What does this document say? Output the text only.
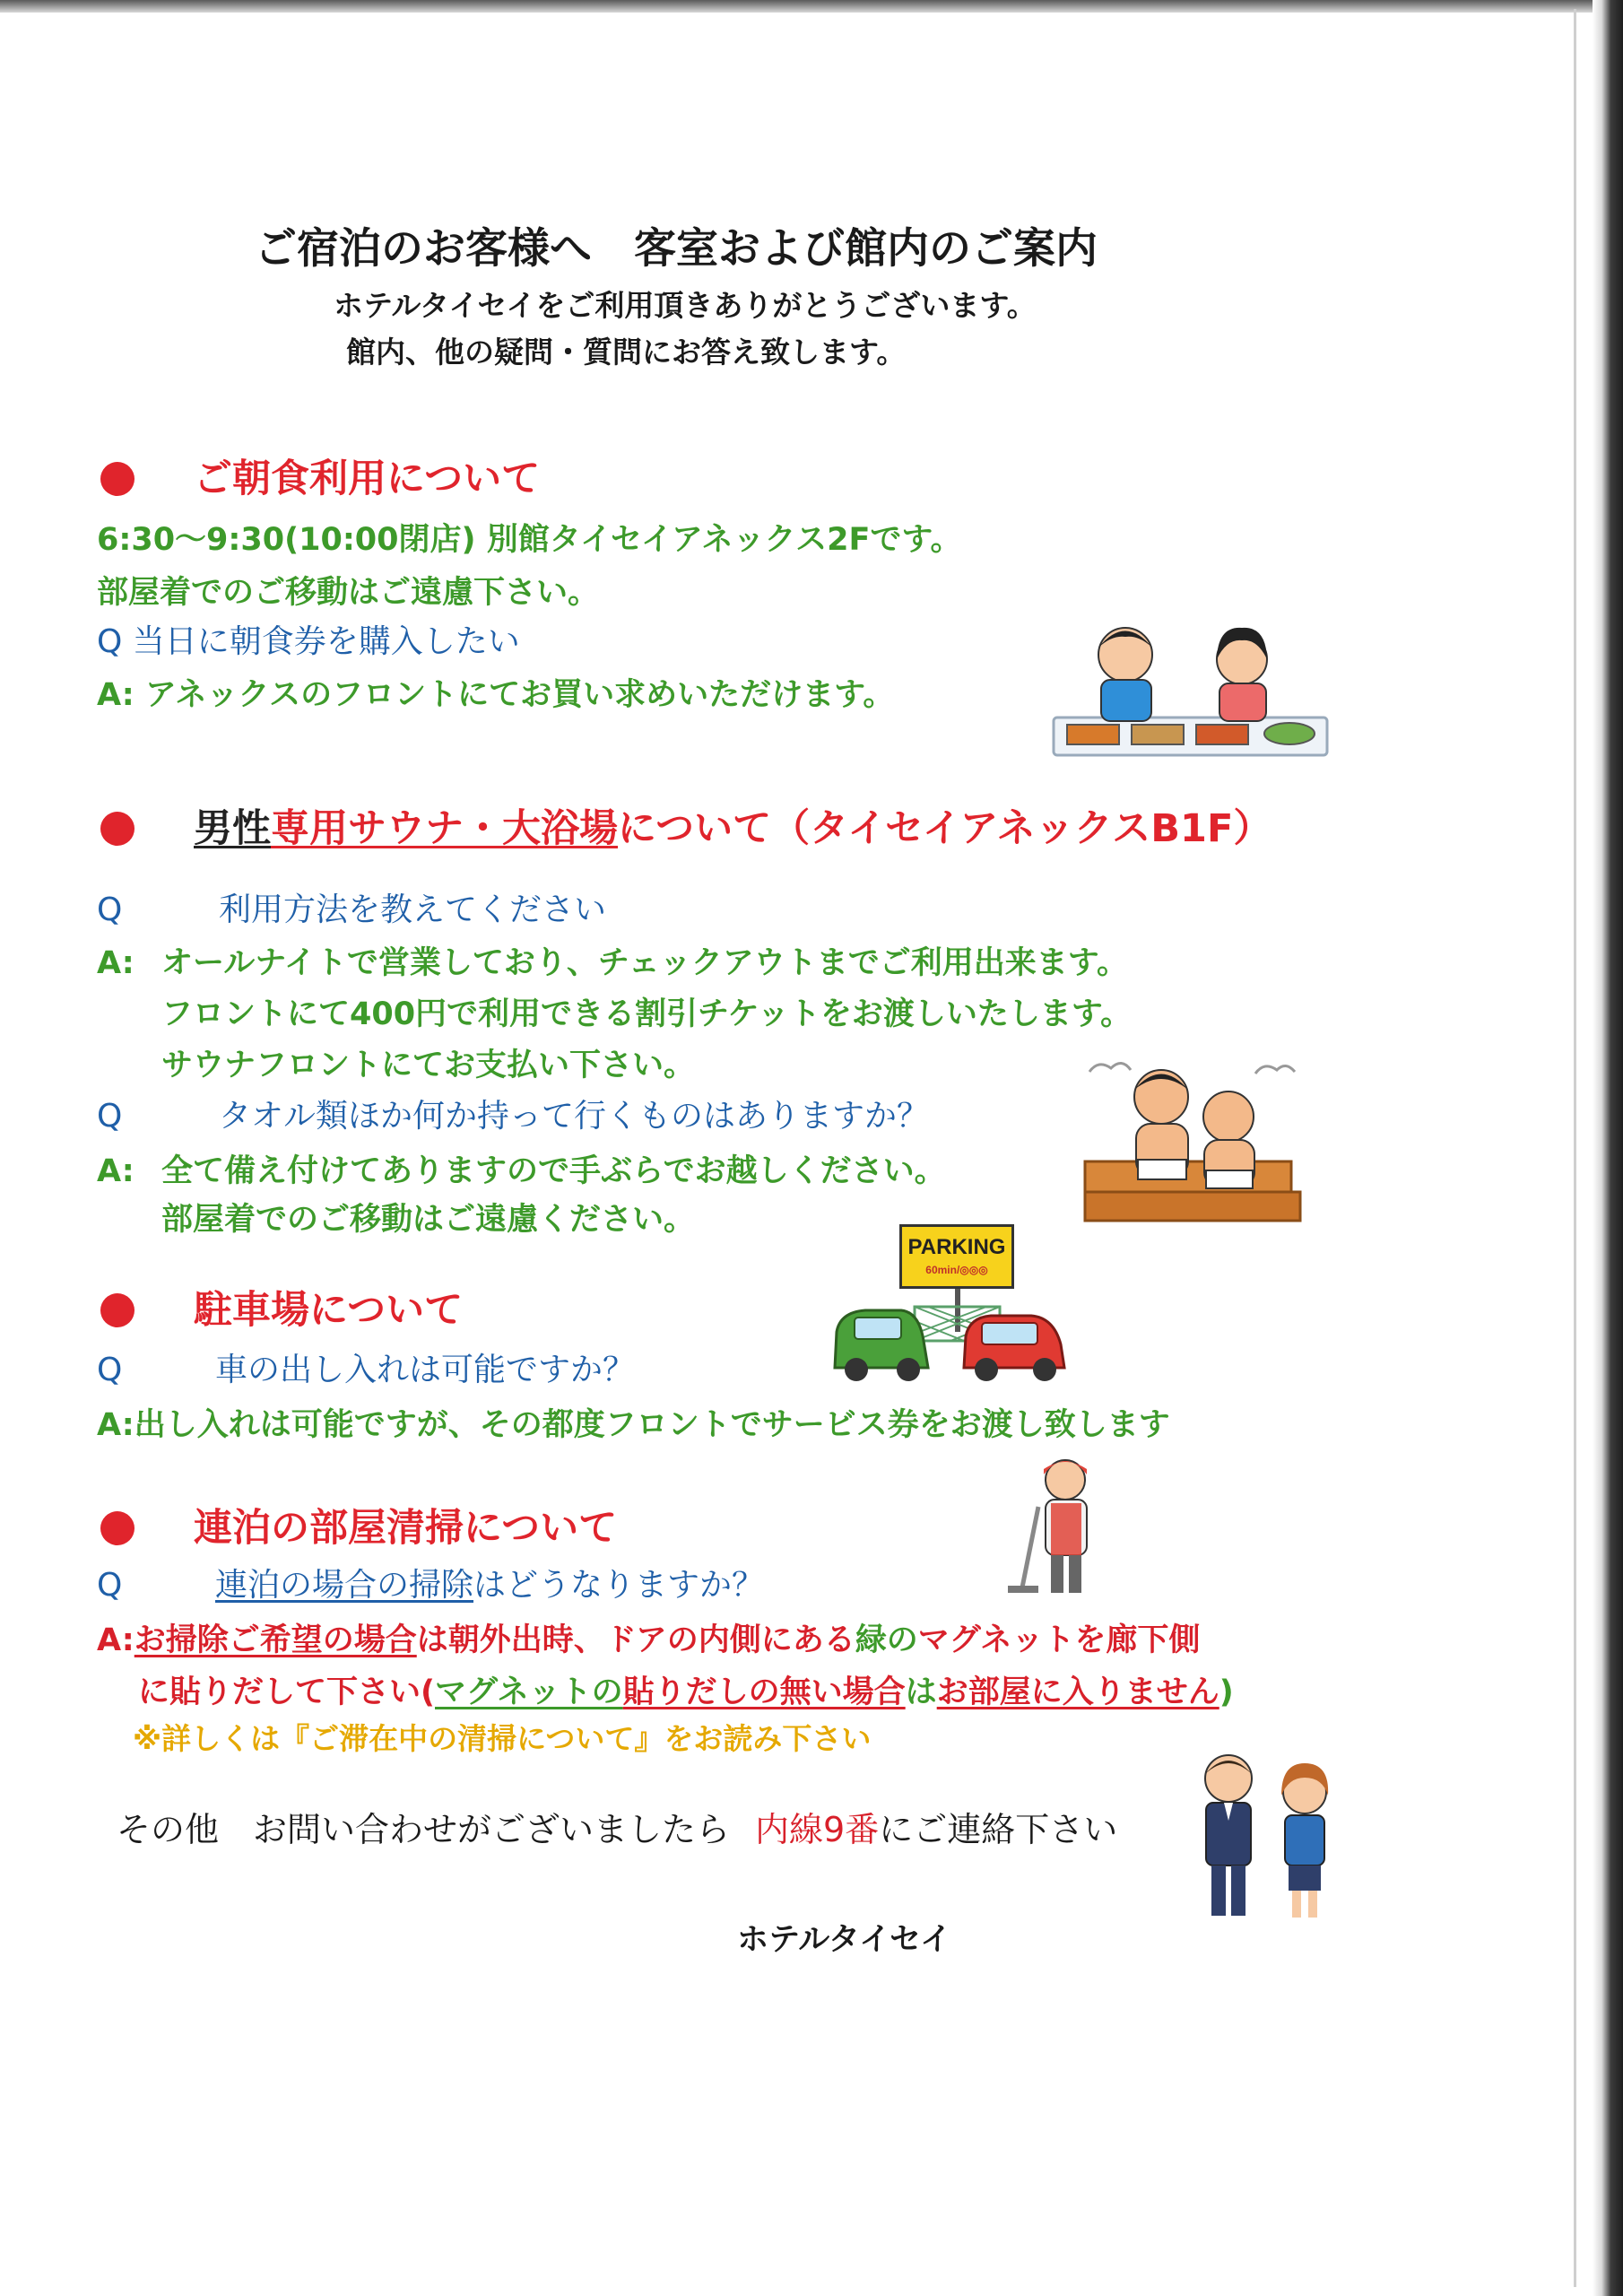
ご宿泊のお客様へ　客室および館内のご案内
ホテルタイセイをご利用頂きありがとうございます。
館内、他の疑問・質問にお答え致します。
ご朝食利用について
6:30～9:30(10:00閉店) 別館タイセイアネックス2Fです。
部屋着でのご移動はご遠慮下さい。
Q 当日に朝食券を購入したい
A: アネックスのフロントにてお買い求めいただけます。
男性専用サウナ・大浴場について（タイセイアネックスB1F）
Q	利用方法を教えてください
A: オールナイトで営業しており、チェックアウトまでご利用出来ます。
フロントにて400円で利用できる割引チケットをお渡しいたします。
サウナフロントにてお支払い下さい。
Q	タオル類ほか何か持って行くものはありますか？
A: 全て備え付けてありますので手ぶらでお越しください。
部屋着でのご移動はご遠慮ください。
駐車場について
Q	車の出し入れは可能ですか？
A:出し入れは可能ですが、その都度フロントでサービス券をお渡し致します
PARKING
60min/◎◎◎
連泊の部屋清掃について
Q	連泊の場合の掃除はどうなりますか？
A:お掃除ご希望の場合は朝外出時、ドアの内側にある緑のマグネットを廊下側
に貼りだして下さい(マグネットの貼りだしの無い場合はお部屋に入りません)
※詳しくは『ご滞在中の清掃について』をお読み下さい
その他　お問い合わせがございましたら 内線9番にご連絡下さい
ホテルタイセイ
